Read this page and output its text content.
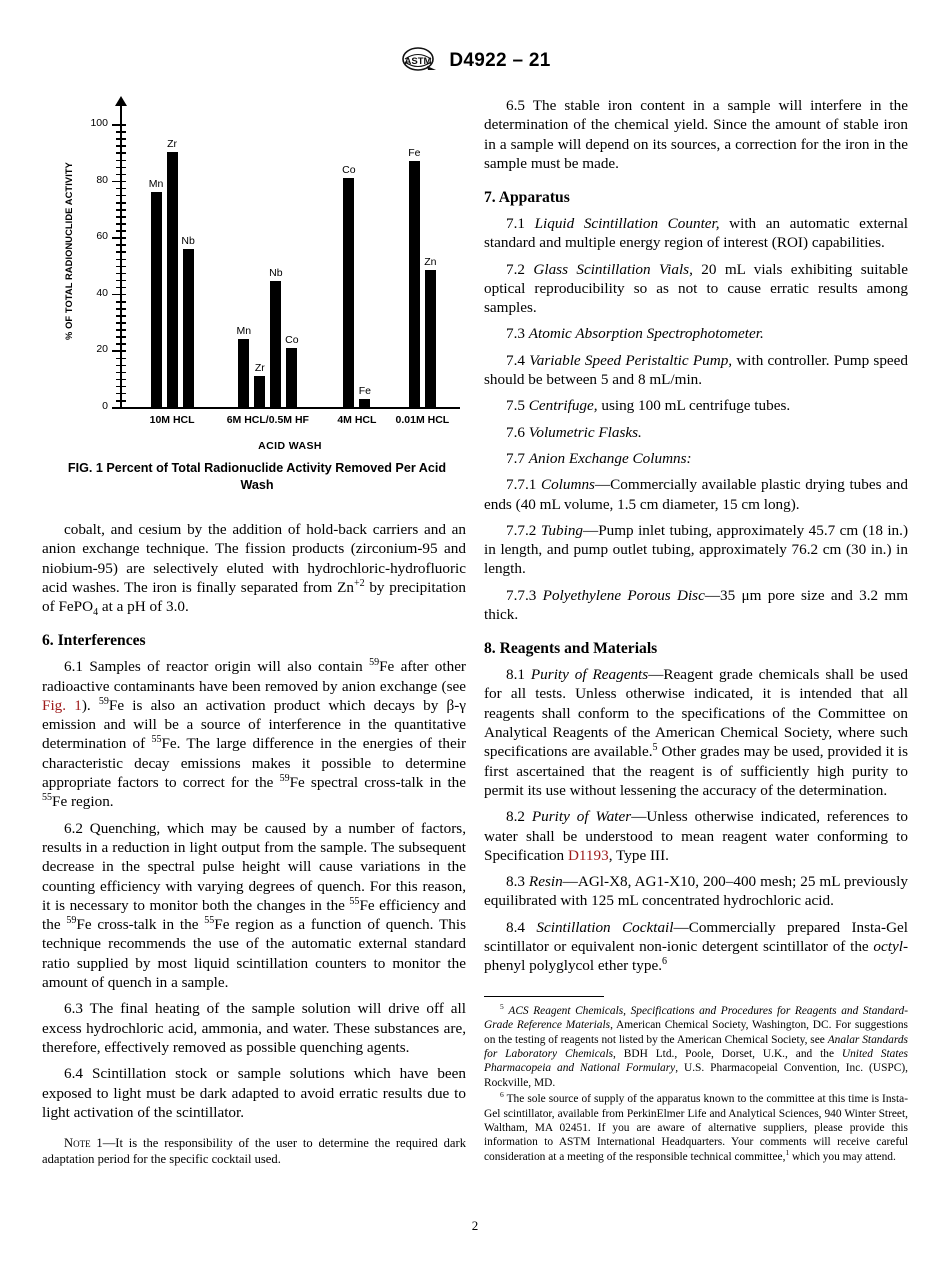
ASTM D4922 – 21
% OF TOTAL RADIONUCLIDE ACTIVITY
0
20
40
60
80
100
Mn
Zr
Nb
Mn
Zr
Nb
Co
Co
Fe
Fe
Zn
10M HCL	6M HCL/0.5M HF	4M HCL	0.01M HCL
ACID WASH
FIG. 1 Percent of Total Radionuclide Activity Removed Per Acid Wash

cobalt, and cesium by the addition of hold-back carriers and an anion exchange technique. The fission products (zirconium-95 and niobium-95) are selectively eluted with hydrochloric-hydrofluoric acid washes. The iron is finally separated from $Zn^{+2}$ by precipitation of FePO$_4$ at a pH of 3.0.

6. Interferences

6.1 Samples of reactor origin will also contain $^{59}$Fe after other radioactive contaminants have been removed by anion exchange (see Fig. 1). $^{59}$Fe is also an activation product which decays by β-γ emission and will be a source of interference in the quantitative determination of $^{55}$Fe. The large difference in the energies of their characteristic decay emissions makes it possible to determine appropriate factors to correct for the $^{59}$Fe spectral cross-talk in the $^{55}$Fe region.

6.2 Quenching, which may be caused by a number of factors, results in a reduction in light output from the sample. The subsequent decrease in the spectral pulse height will cause variations in the counting efficiency with varying degrees of quench. For this reason, it is necessary to monitor both the changes in the $^{55}$Fe efficiency and the $^{59}$Fe cross-talk in the $^{55}$Fe region as a function of quench. This technique recommends the use of the automatic external standard ratio supplied by most liquid scintillation counters to monitor the amount of quench in a sample.

6.3 The final heating of the sample solution will drive off all excess hydrochloric acid, ammonia, and water. These substances are, therefore, effectively removed as possible quenching agents.

6.4 Scintillation stock or sample solutions which have been exposed to light must be dark adapted to avoid erratic results due to light activation of the scintillator.

Note 1—It is the responsibility of the user to determine the required dark adaptation period for the specific cocktail used.

6.5 The stable iron content in a sample will interfere in the determination of the chemical yield. Since the amount of stable iron in a sample will depend on its sources, a correction for the iron in the sample must be made.

7. Apparatus

7.1 Liquid Scintillation Counter, with an automatic external standard and multiple energy region of interest (ROI) capabilities.

7.2 Glass Scintillation Vials, 20 mL vials exhibiting suitable optical reproducibility so as not to cause erratic results among samples.

7.3 Atomic Absorption Spectrophotometer.

7.4 Variable Speed Peristaltic Pump, with controller. Pump speed should be between 5 and 8 mL/min.

7.5 Centrifuge, using 100 mL centrifuge tubes.

7.6 Volumetric Flasks.

7.7 Anion Exchange Columns:

7.7.1 Columns—Commercially available plastic drying tubes and ends (40 mL volume, 1.5 cm diameter, 15 cm long).

7.7.2 Tubing—Pump inlet tubing, approximately 45.7 cm (18 in.) in length, and pump outlet tubing, approximately 76.2 cm (30 in.) in length.

7.7.3 Polyethylene Porous Disc—35 μm pore size and 3.2 mm thick.

8. Reagents and Materials

8.1 Purity of Reagents—Reagent grade chemicals shall be used for all tests. Unless otherwise indicated, it is intended that all reagents shall conform to the specifications of the Committee on Analytical Reagents of the American Chemical Society, where such specifications are available.$^5$ Other grades may be used, provided it is first ascertained that the reagent is of sufficiently high purity to permit its use without lessening the accuracy of the determination.

8.2 Purity of Water—Unless otherwise indicated, references to water shall be understood to mean reagent water conforming to Specification D1193, Type III.

8.3 Resin—AGl-X8, AG1-X10, 200–400 mesh; 25 mL previously equilibrated with 125 mL concentrated hydrochloric acid.

8.4 Scintillation Cocktail—Commercially prepared Insta-Gel scintillator or equivalent non-ionic detergent scintillator of the octyl-phenyl polyglycol ether type.$^6$

$^5$ ACS Reagent Chemicals, Specifications and Procedures for Reagents and Standard-Grade Reference Materials, American Chemical Society, Washington, DC. For suggestions on the testing of reagents not listed by the American Chemical Society, see Analar Standards for Laboratory Chemicals, BDH Ltd., Poole, Dorset, U.K., and the United States Pharmacopeia and National Formulary, U.S. Pharmacopeial Convention, Inc. (USPC), Rockville, MD.

$^6$ The sole source of supply of the apparatus known to the committee at this time is Insta-Gel scintillator, available from PerkinElmer Life and Analytical Sciences, 940 Winter Street, Waltham, MA 02451. If you are aware of alternative suppliers, please provide this information to ASTM International Headquarters. Your comments will receive careful consideration at a meeting of the responsible technical committee,$^1$ which you may attend.

2
